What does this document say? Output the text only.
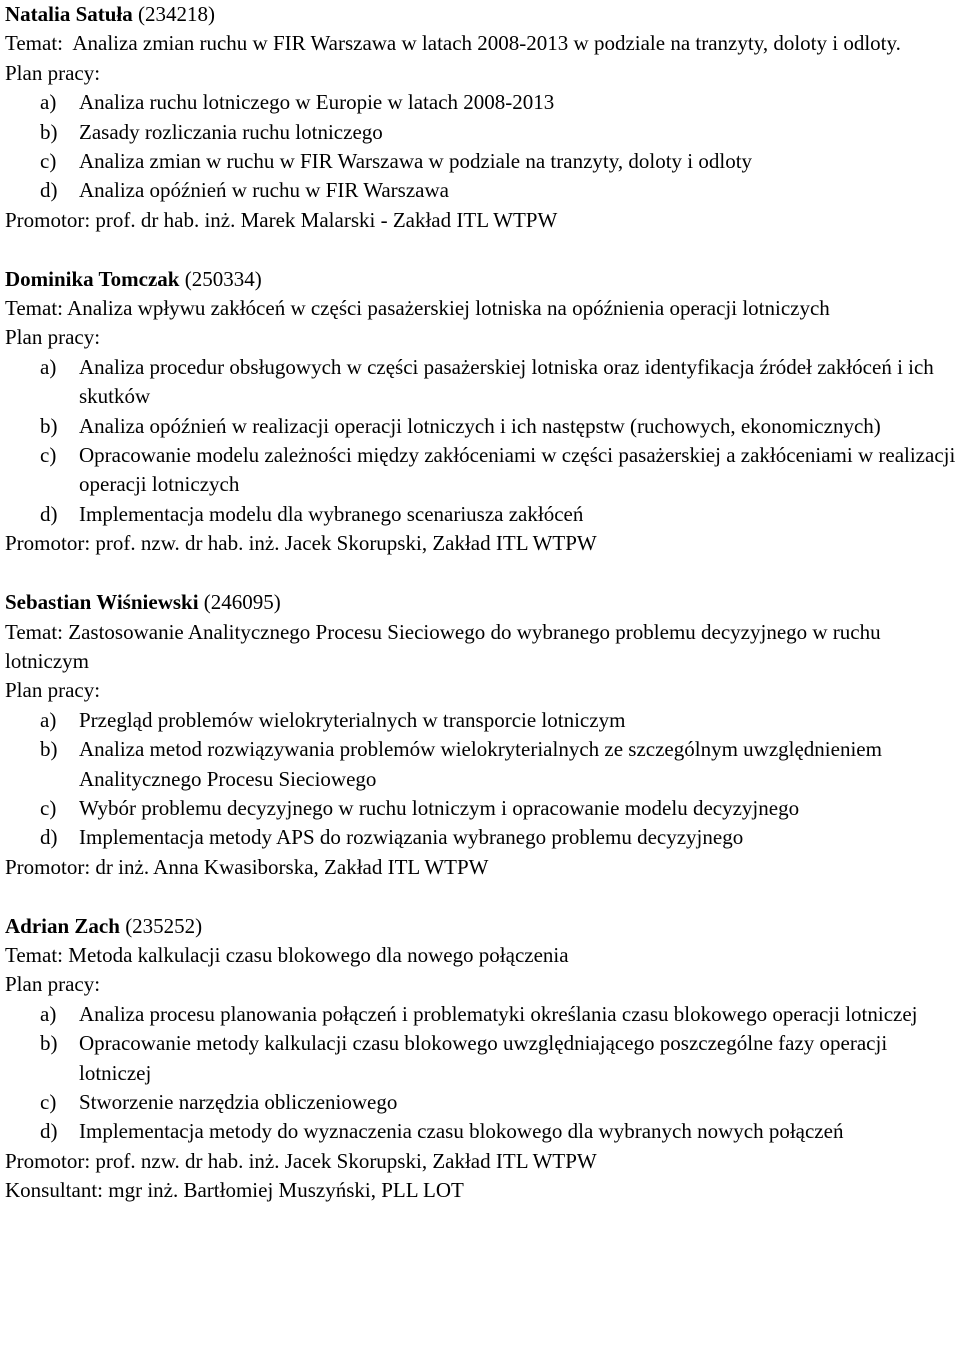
Natalia Satuła (234218)
Temat: Analiza zmian ruchu w FIR Warszawa w latach 2008-2013 w podziale na tranzyty, doloty i odloty.
Plan pracy:
a) Analiza ruchu lotniczego w Europie w latach 2008-2013
b) Zasady rozliczania ruchu lotniczego
c) Analiza zmian w ruchu w FIR Warszawa w podziale na tranzyty, doloty i odloty
d) Analiza opóźnień w ruchu w FIR Warszawa
Promotor: prof. dr hab. inż. Marek Malarski - Zakład ITL WTPW
Dominika Tomczak (250334)
Temat: Analiza wpływu zakłóceń w części pasażerskiej lotniska na opóźnienia operacji lotniczych
Plan pracy:
a) Analiza procedur obsługowych w części pasażerskiej lotniska oraz identyfikacja źródeł zakłóceń i ich skutków
b) Analiza opóźnień w realizacji operacji lotniczych i ich następstw (ruchowych, ekonomicznych)
c) Opracowanie modelu zależności między zakłóceniami w części pasażerskiej a zakłóceniami w realizacji operacji lotniczych
d) Implementacja modelu dla wybranego scenariusza zakłóceń
Promotor: prof. nzw. dr hab. inż. Jacek Skorupski, Zakład ITL WTPW
Sebastian Wiśniewski (246095)
Temat: Zastosowanie Analitycznego Procesu Sieciowego do wybranego problemu decyzyjnego w ruchu lotniczym
Plan pracy:
a) Przegląd problemów wielokryterialnych w transporcie lotniczym
b) Analiza metod rozwiązywania problemów wielokryterialnych ze szczególnym uwzględnieniem Analitycznego Procesu Sieciowego
c) Wybór problemu decyzyjnego w ruchu lotniczym i opracowanie modelu decyzyjnego
d) Implementacja metody APS do rozwiązania wybranego problemu decyzyjnego
Promotor: dr inż. Anna Kwasiborska, Zakład ITL WTPW
Adrian Zach (235252)
Temat: Metoda kalkulacji czasu blokowego dla nowego połączenia
Plan pracy:
a) Analiza procesu planowania połączeń i problematyki określania czasu blokowego operacji lotniczej
b) Opracowanie metody kalkulacji czasu blokowego uwzględniającego poszczególne fazy operacji lotniczej
c) Stworzenie narzędzia obliczeniowego
d) Implementacja metody do wyznaczenia czasu blokowego dla wybranych nowych połączeń
Promotor: prof. nzw. dr hab. inż. Jacek Skorupski, Zakład ITL WTPW
Konsultant: mgr inż. Bartłomiej Muszyński, PLL LOT
